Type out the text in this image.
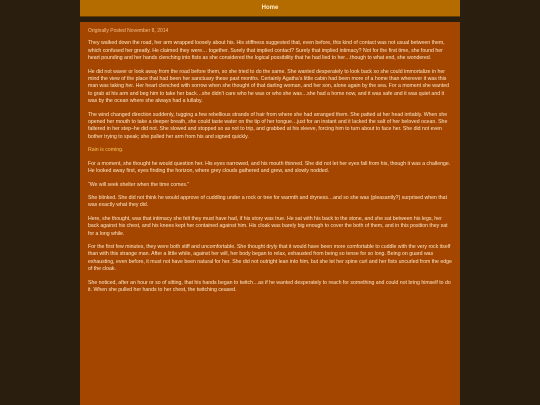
Home
Originally Posted November 8, 2014

They walked down the road, her arm wrapped loosely about his. His stiffness suggested that, even before, this kind of contact was not usual between them, which confused her greatly. He claimed they were… together. Surely that implied contact? Surely that implied intimacy? Not for the first time, she found her heart pounding and her hands clenching into fists as she considered the logical possibility that he had lied to her…though to what end, she wondered.

He did not waver or look away from the road before them, so she tried to do the same. She wanted desperately to look back so she could immortalize in her mind the view of the place that had been her sanctuary these past months. Certainly Agatha’s little cabin had been more of a home than wherever it was this man was taking her. Her heart clenched with sorrow when she thought of that darling woman, and her son, alone again by the sea. For a moment she wanted to grab at his arm and beg him to take her back…she didn’t care who he was or who she was…she had a home now, and it was safe and it was quiet and it was by the ocean where she always had a lullaby.

The wind changed direction suddenly, tugging a few rebellious strands of hair from where she had arranged them. She patted at her head irritably. When she opened her mouth to take a deeper breath, she could taste water on the tip of her tongue…just for an instant and it lacked the salt of her beloved ocean. She faltered in her step–he did not. She slowed and stopped so as not to trip, and grabbed at his sleeve, forcing him to turn about to face her. She did not even bother trying to speak; she pulled her arm from his and signed quickly.

Rain is coming.

For a moment, she thought he would question her. His eyes narrowed, and his mouth thinned. She did not let her eyes fall from his, though it was a challenge. He looked away first, eyes finding the horizon, where grey clouds gathered and grew, and slowly nodded.

“We will seek shelter when the time comes.”

She blinked. She did not think he would approve of cuddling under a rock or tree for warmth and dryness…and so she was (pleasantly?) surprised when that was exactly what they did.

Here, she thought, was that intimacy she felt they must have had, if his story was true. He sat with his back to the stone, and she sat between his legs, her back against his chest, and his knees kept her contained against him. His cloak was barely big enough to cover the both of them, and in this position they sat for a long while.

For the first few minutes, they were both stiff and uncomfortable. She thought dryly that it would have been more comfortable to cuddle with the very rock itself than with this strange man. After a little while, against her will, her body began to relax, exhausted from being so tense for so long. Being on guard was exhausting, even before, it must not have been natural for her. She did not outright lean into him, but she let her spine curl and her fists uncurled from the edge of the cloak.

She noticed, after an hour or so of sitting, that his hands began to twitch…as if he wanted desperately to reach for something and could not bring himself to do it. When she pulled her hands to her chest, the twitching ceased.
